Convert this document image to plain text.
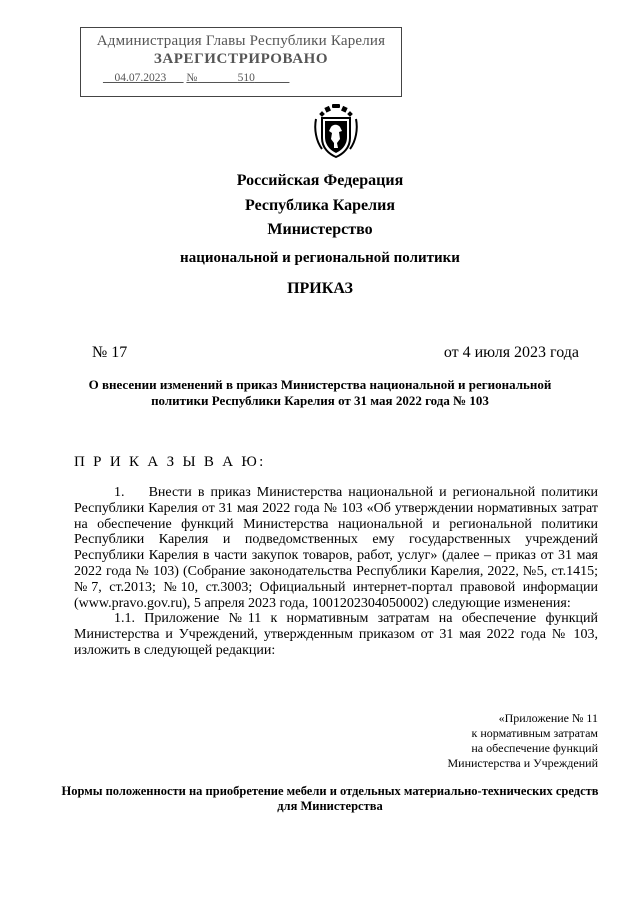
Администрация Главы Республики Карелия
ЗАРЕГИСТРИРОВАНО
__04.07.2023___ №_______510______
Российская Федерация
Республика Карелия
Министерство
национальной и региональной политики
ПРИКАЗ
№ 17	от 4 июля 2023 года
О внесении изменений в приказ Министерства национальной и региональной политики Республики Карелия от 31 мая 2022 года № 103
П Р И К А З Ы В А Ю:

1.    Внести в приказ Министерства национальной и региональной политики Республики Карелия от 31 мая 2022 года № 103 «Об утверждении нормативных затрат на обеспечение функций Министерства национальной и региональной политики Республики Карелия и подведомственных ему государственных учреждений Республики Карелия в части закупок товаров, работ, услуг» (далее – приказ от 31 мая 2022 года № 103) (Собрание законодательства Республики Карелия, 2022, №5, ст.1415; №7, ст.2013; №10, ст.3003; Официальный интернет-портал правовой информации (www.pravo.gov.ru), 5 апреля 2023 года, 1001202304050002) следующие изменения:

1.1. Приложение №11 к нормативным затратам на обеспечение функций Министерства и Учреждений, утвержденным приказом от 31 мая 2022 года № 103, изложить в следующей редакции:

«Приложение № 11
к нормативным затратам
на обеспечение функций
Министерства и Учреждений
Нормы положенности на приобретение мебели и отдельных материально-технических средств для Министерства
